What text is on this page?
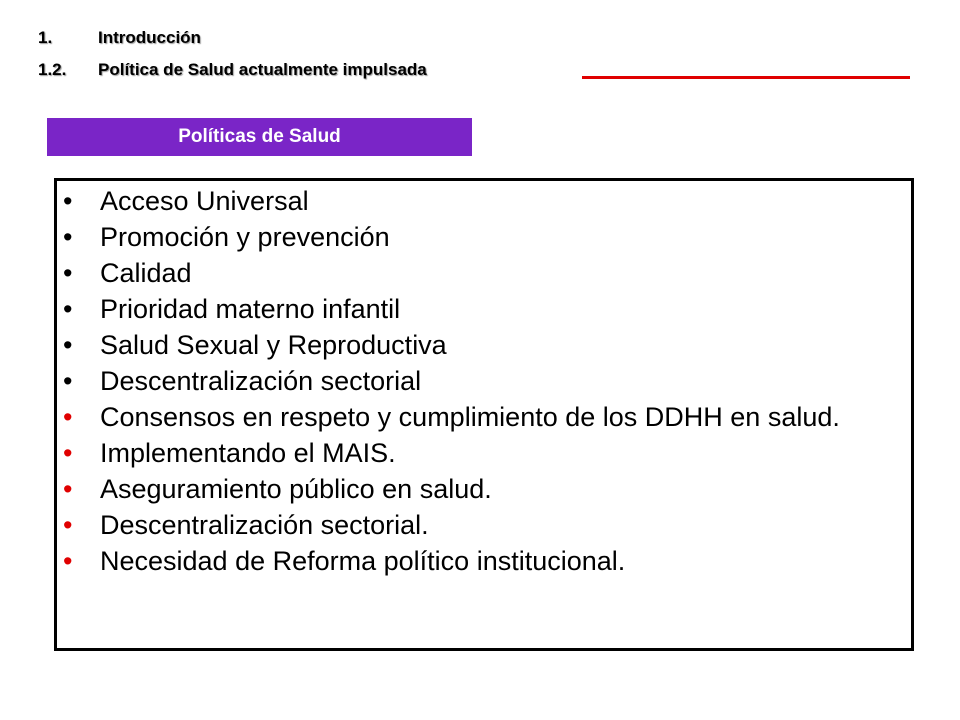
1.	Introducción
1.2. Política de Salud actualmente impulsada
Políticas de Salud
• Acceso Universal
• Promoción y prevención
• Calidad
• Prioridad materno infantil
• Salud Sexual y Reproductiva
• Descentralización sectorial
• Consensos en respeto y cumplimiento de los DDHH en salud.
• Implementando el MAIS.
• Aseguramiento público en salud.
• Descentralización sectorial.
• Necesidad de Reforma político institucional.
